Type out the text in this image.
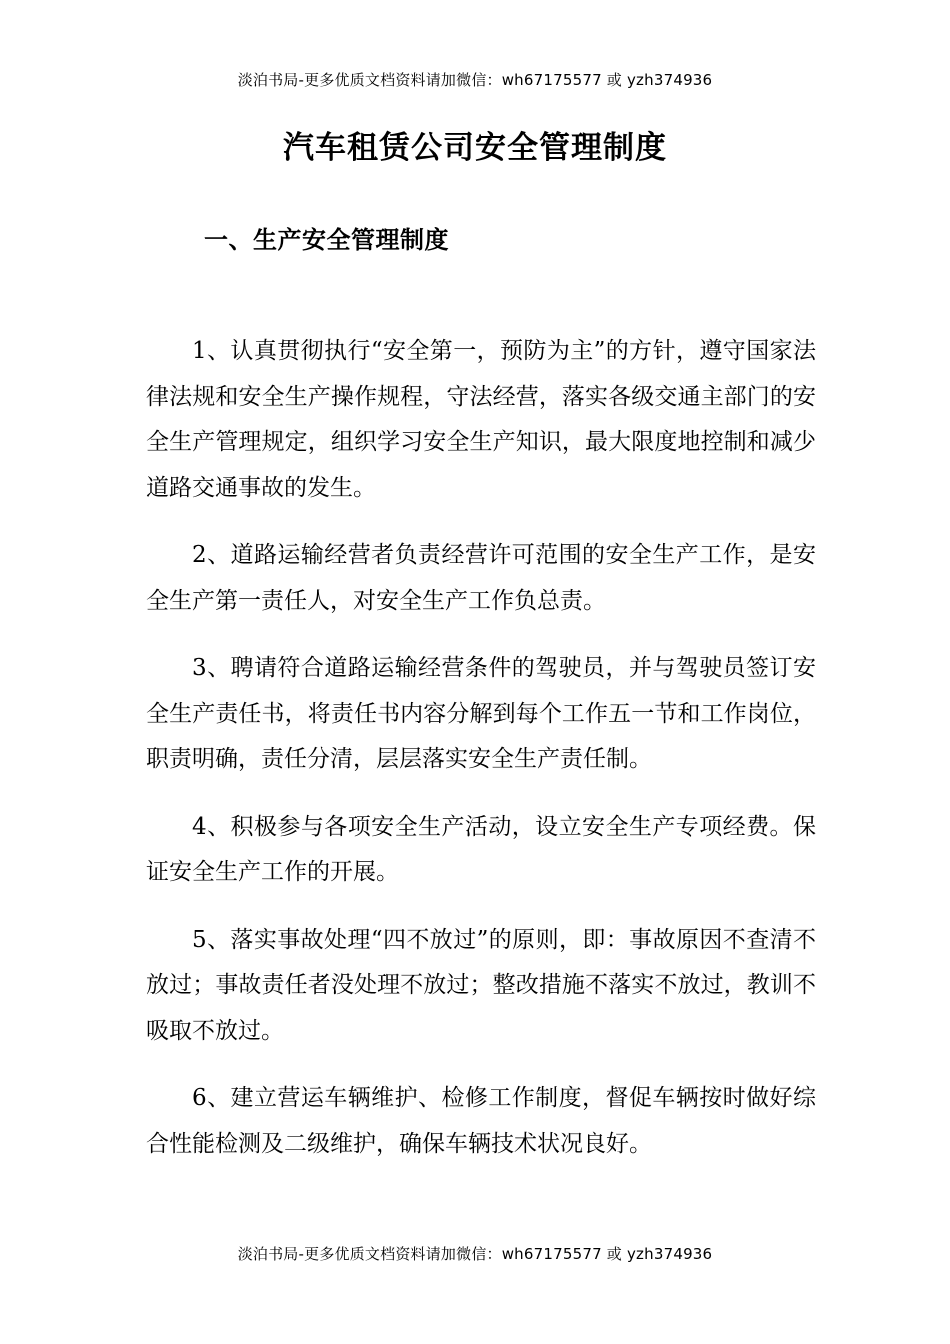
淡泊书局-更多优质文档资料请加微信：wh67175577 或 yzh374936
汽车租赁公司安全管理制度
一、生产安全管理制度

1、认真贯彻执行“安全第一，预防为主”的方针，遵守国家法律法规和安全生产操作规程，守法经营，落实各级交通主部门的安全生产管理规定，组织学习安全生产知识，最大限度地控制和减少道路交通事故的发生。

2、道路运输经营者负责经营许可范围的安全生产工作，是安全生产第一责任人，对安全生产工作负总责。

3、聘请符合道路运输经营条件的驾驶员，并与驾驶员签订安全生产责任书，将责任书内容分解到每个工作五一节和工作岗位，职责明确，责任分清，层层落实安全生产责任制。

4、积极参与各项安全生产活动，设立安全生产专项经费。保证安全生产工作的开展。

5、落实事故处理“四不放过”的原则，即：事故原因不查清不放过；事故责任者没处理不放过；整改措施不落实不放过，教训不吸取不放过。

6、建立营运车辆维护、检修工作制度，督促车辆按时做好综合性能检测及二级维护，确保车辆技术状况良好。

淡泊书局-更多优质文档资料请加微信：wh67175577 或 yzh374936
